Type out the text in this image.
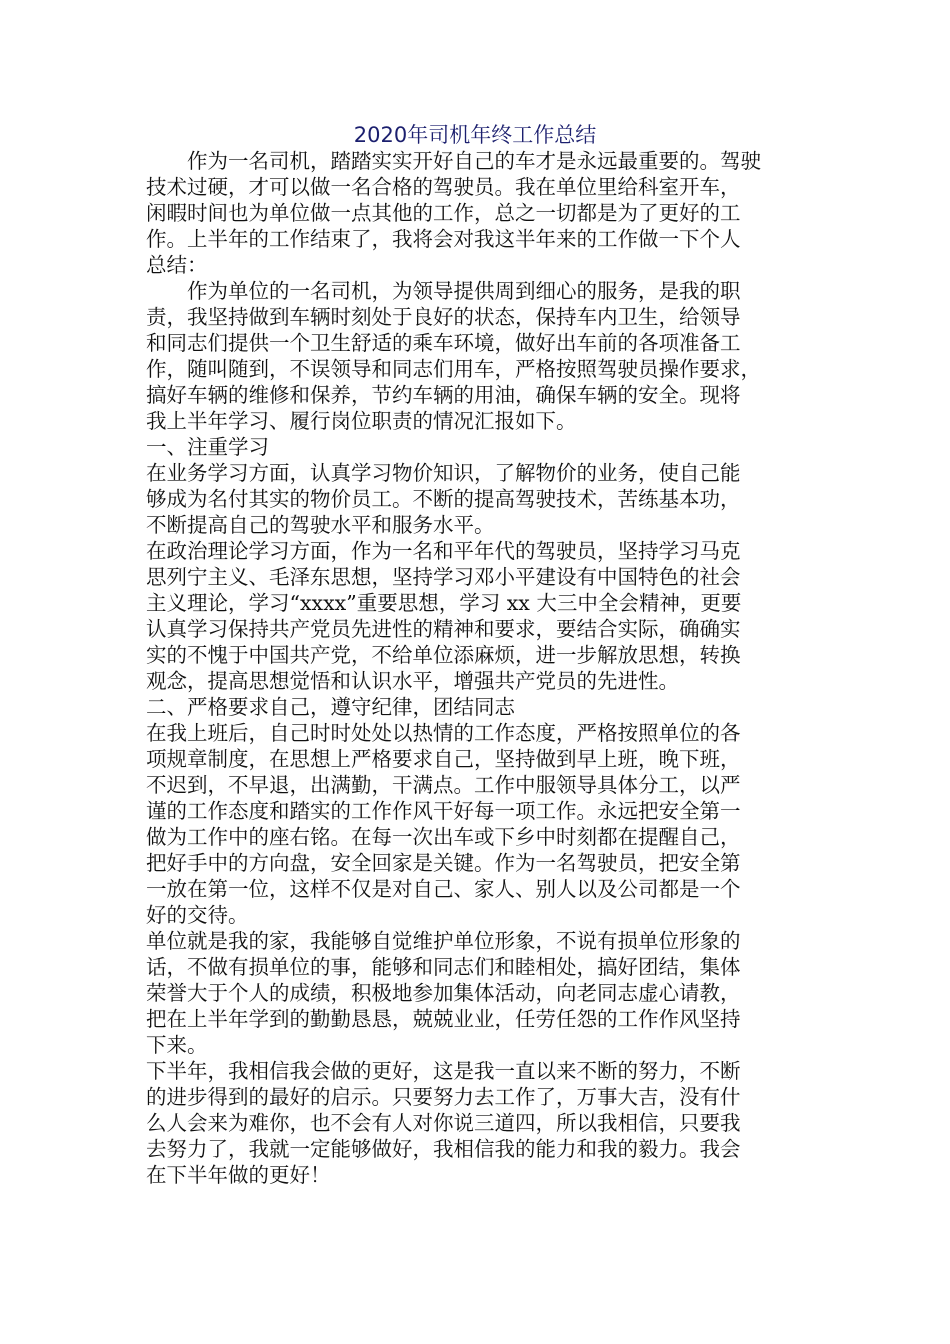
2020年司机年终工作总结
　　作为一名司机，踏踏实实开好自己的车才是永远最重要的。驾驶
技术过硬，才可以做一名合格的驾驶员。我在单位里给科室开车，
闲暇时间也为单位做一点其他的工作，总之一切都是为了更好的工
作。上半年的工作结束了，我将会对我这半年来的工作做一下个人
总结：
　　作为单位的一名司机，为领导提供周到细心的服务，是我的职
责，我坚持做到车辆时刻处于良好的状态，保持车内卫生，给领导
和同志们提供一个卫生舒适的乘车环境，做好出车前的各项准备工
作，随叫随到，不误领导和同志们用车，严格按照驾驶员操作要求，
搞好车辆的维修和保养，节约车辆的用油，确保车辆的安全。现将
我上半年学习、履行岗位职责的情况汇报如下。
一、注重学习
在业务学习方面，认真学习物价知识，了解物价的业务，使自己能
够成为名付其实的物价员工。不断的提高驾驶技术，苦练基本功，
不断提高自己的驾驶水平和服务水平。
在政治理论学习方面，作为一名和平年代的驾驶员，坚持学习马克
思列宁主义、毛泽东思想，坚持学习邓小平建设有中国特色的社会
主义理论，学习“xxxx”重要思想，学习 xx 大三中全会精神，更要
认真学习保持共产党员先进性的精神和要求，要结合实际，确确实
实的不愧于中国共产党，不给单位添麻烦，进一步解放思想，转换
观念，提高思想觉悟和认识水平，增强共产党员的先进性。
二、严格要求自己，遵守纪律，团结同志
在我上班后，自己时时处处以热情的工作态度，严格按照单位的各
项规章制度，在思想上严格要求自己，坚持做到早上班，晚下班，
不迟到，不早退，出满勤，干满点。工作中服领导具体分工，以严
谨的工作态度和踏实的工作作风干好每一项工作。永远把安全第一
做为工作中的座右铭。在每一次出车或下乡中时刻都在提醒自己，
把好手中的方向盘，安全回家是关键。作为一名驾驶员，把安全第
一放在第一位，这样不仅是对自己、家人、别人以及公司都是一个
好的交待。
单位就是我的家，我能够自觉维护单位形象，不说有损单位形象的
话，不做有损单位的事，能够和同志们和睦相处，搞好团结，集体
荣誉大于个人的成绩，积极地参加集体活动，向老同志虚心请教，
把在上半年学到的勤勤恳恳，兢兢业业，任劳任怨的工作作风坚持
下来。
下半年，我相信我会做的更好，这是我一直以来不断的努力，不断
的进步得到的最好的启示。只要努力去工作了，万事大吉，没有什
么人会来为难你，也不会有人对你说三道四，所以我相信，只要我
去努力了，我就一定能够做好，我相信我的能力和我的毅力。我会
在下半年做的更好！
